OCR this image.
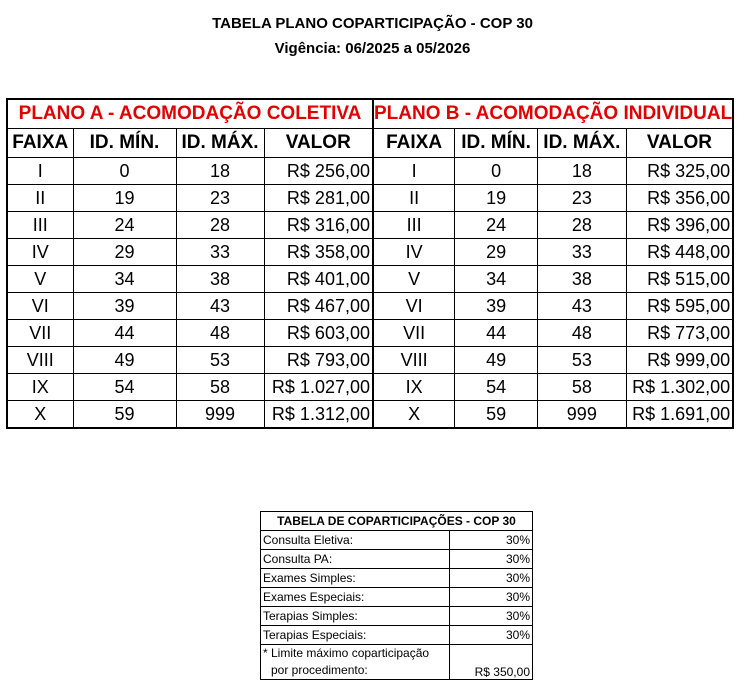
TABELA PLANO COPARTICIPAÇÃO - COP 30
Vigência: 06/2025 a 05/2026
PLANO A - ACOMODAÇÃO COLETIVA				PLANO B - ACOMODAÇÃO INDIVIDUAL			
FAIXA	ID. MÍN.	ID. MÁX.	VALOR	FAIXA	ID. MÍN.	ID. MÁX.	VALOR
I	0	18	R$ 256,00	I	0	18	R$ 325,00
II	19	23	R$ 281,00	II	19	23	R$ 356,00
III	24	28	R$ 316,00	III	24	28	R$ 396,00
IV	29	33	R$ 358,00	IV	29	33	R$ 448,00
V	34	38	R$ 401,00	V	34	38	R$ 515,00
VI	39	43	R$ 467,00	VI	39	43	R$ 595,00
VII	44	48	R$ 603,00	VII	44	48	R$ 773,00
VIII	49	53	R$ 793,00	VIII	49	53	R$ 999,00
IX	54	58	R$ 1.027,00	IX	54	58	R$ 1.302,00
X	59	999	R$ 1.312,00	X	59	999	R$ 1.691,00
TABELA DE COPARTICIPAÇÕES - COP 30	
Consulta Eletiva:	30%
Consulta PA:	30%
Exames Simples:	30%
Exames Especiais:	30%
Terapias Simples:	30%
Terapias Especiais:	30%

* Limite máximo coparticipação
por procedimento:	R$ 350,00
